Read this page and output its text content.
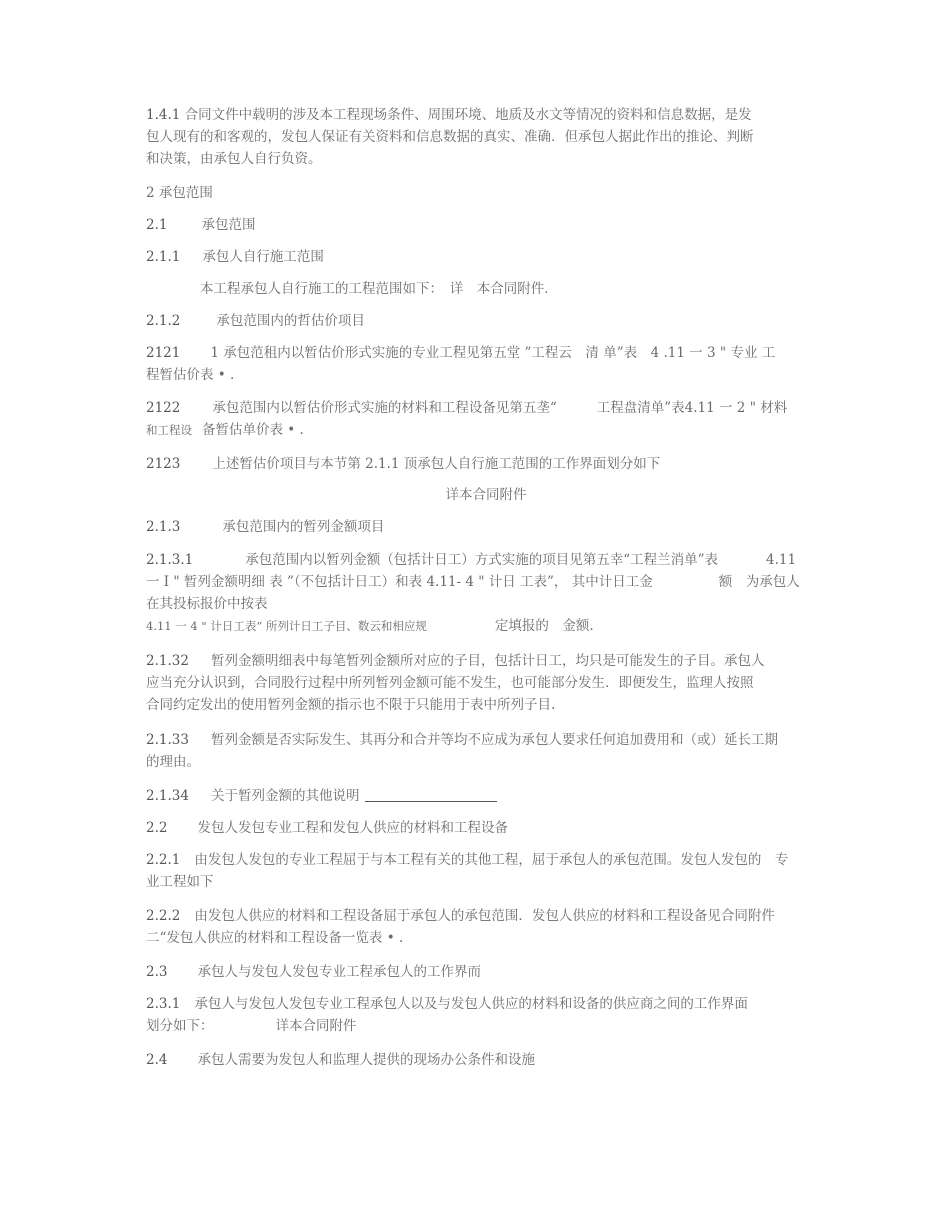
1.4.1 合同文件中载明的涉及本工程现场条件、周围环境、地质及水文等情况的资料和信息数据，是发
包人现有的和客观的，发包人保证有关资料和信息数据的真实、准确．但承包人据此作出的推论、判断
和决策，由承包人自行负资。
2 承包范围
2.1	承包范围
2.1.1 承包人自行施工范围
本工程承包人自行施工的工程范围如下：　详　本合同附件．
2.1.2	承包范围内的哲估价项目
2121 1 承包范租内以暂估价形式实施的专业工程见第五堂 ”工程云　清 单”表　4 .11 一 3 " 专业 工
程暂估价表 • .
2122 承包范围内以暂估价形式实施的材料和工程设备见第五垄“	工程盘清单”表4.11 一 2 " 材料
和工程设 备暂估单价表 • .
2123 上述暂估价项目与本节第 2.1.1 顶承包人自行施工范围的工作界面划分如下
详本合同附件
2.1.3	承包范围内的暂列金额项目
2.1.3.1	承包范围内以暂列金额（包括计日工）方式实施的项目见第五幸“工程兰消单”表	4.11
一 I " 暂列金额明细 表 ”（不包括计日工）和表 4.11- 4 " 计日 工表”， 其中计日工金	额　为承包人
在其投标报价中按表
4.11 一 4 " 计日工表” 所列计日工子目、数云和相应规	定填报的　金额.
2.1.32 暂列金额明细表中每笔暂列金额所对应的子目，包括计日工，均只是可能发生的子目。承包人
应当充分认识到，合同股行过程中所列暂列金额可能不发生，也可能部分发生．即便发生，监理人按照
合同约定发出的使用暂列金额的指示也不限于只能用于表中所列子目.
2.1.33 暂列金额是否实际发生、其再分和合并等均不应成为承包人要求任何追加费用和（或）延长工期
的理由。
2.1.34 关于暂列金额的其他说明
2.2 发包人发包专业工程和发包人供应的材料和工程设备
2.2.1 由发包人发包的专业工程屈于与本工程有关的其他工程，屈于承包人的承包范围。发包人发包的　专
业工程如下
2.2.2 由发包人供应的材料和工程设备屈于承包人的承包范围．发包人供应的材料和工程设备见合同附件
二“发包人供应的材料和工程设备一览表 • .
2.3 承包人与发包人发包专业工程承包人的工作界而
2.3.1 承包人与发包人发包专业工程承包人以及与发包人供应的材料和设备的供应商之间的工作界面
划分如下：	详本合同附件
2.4 承包人需要为发包人和监理人提供的现场办公条件和设施
